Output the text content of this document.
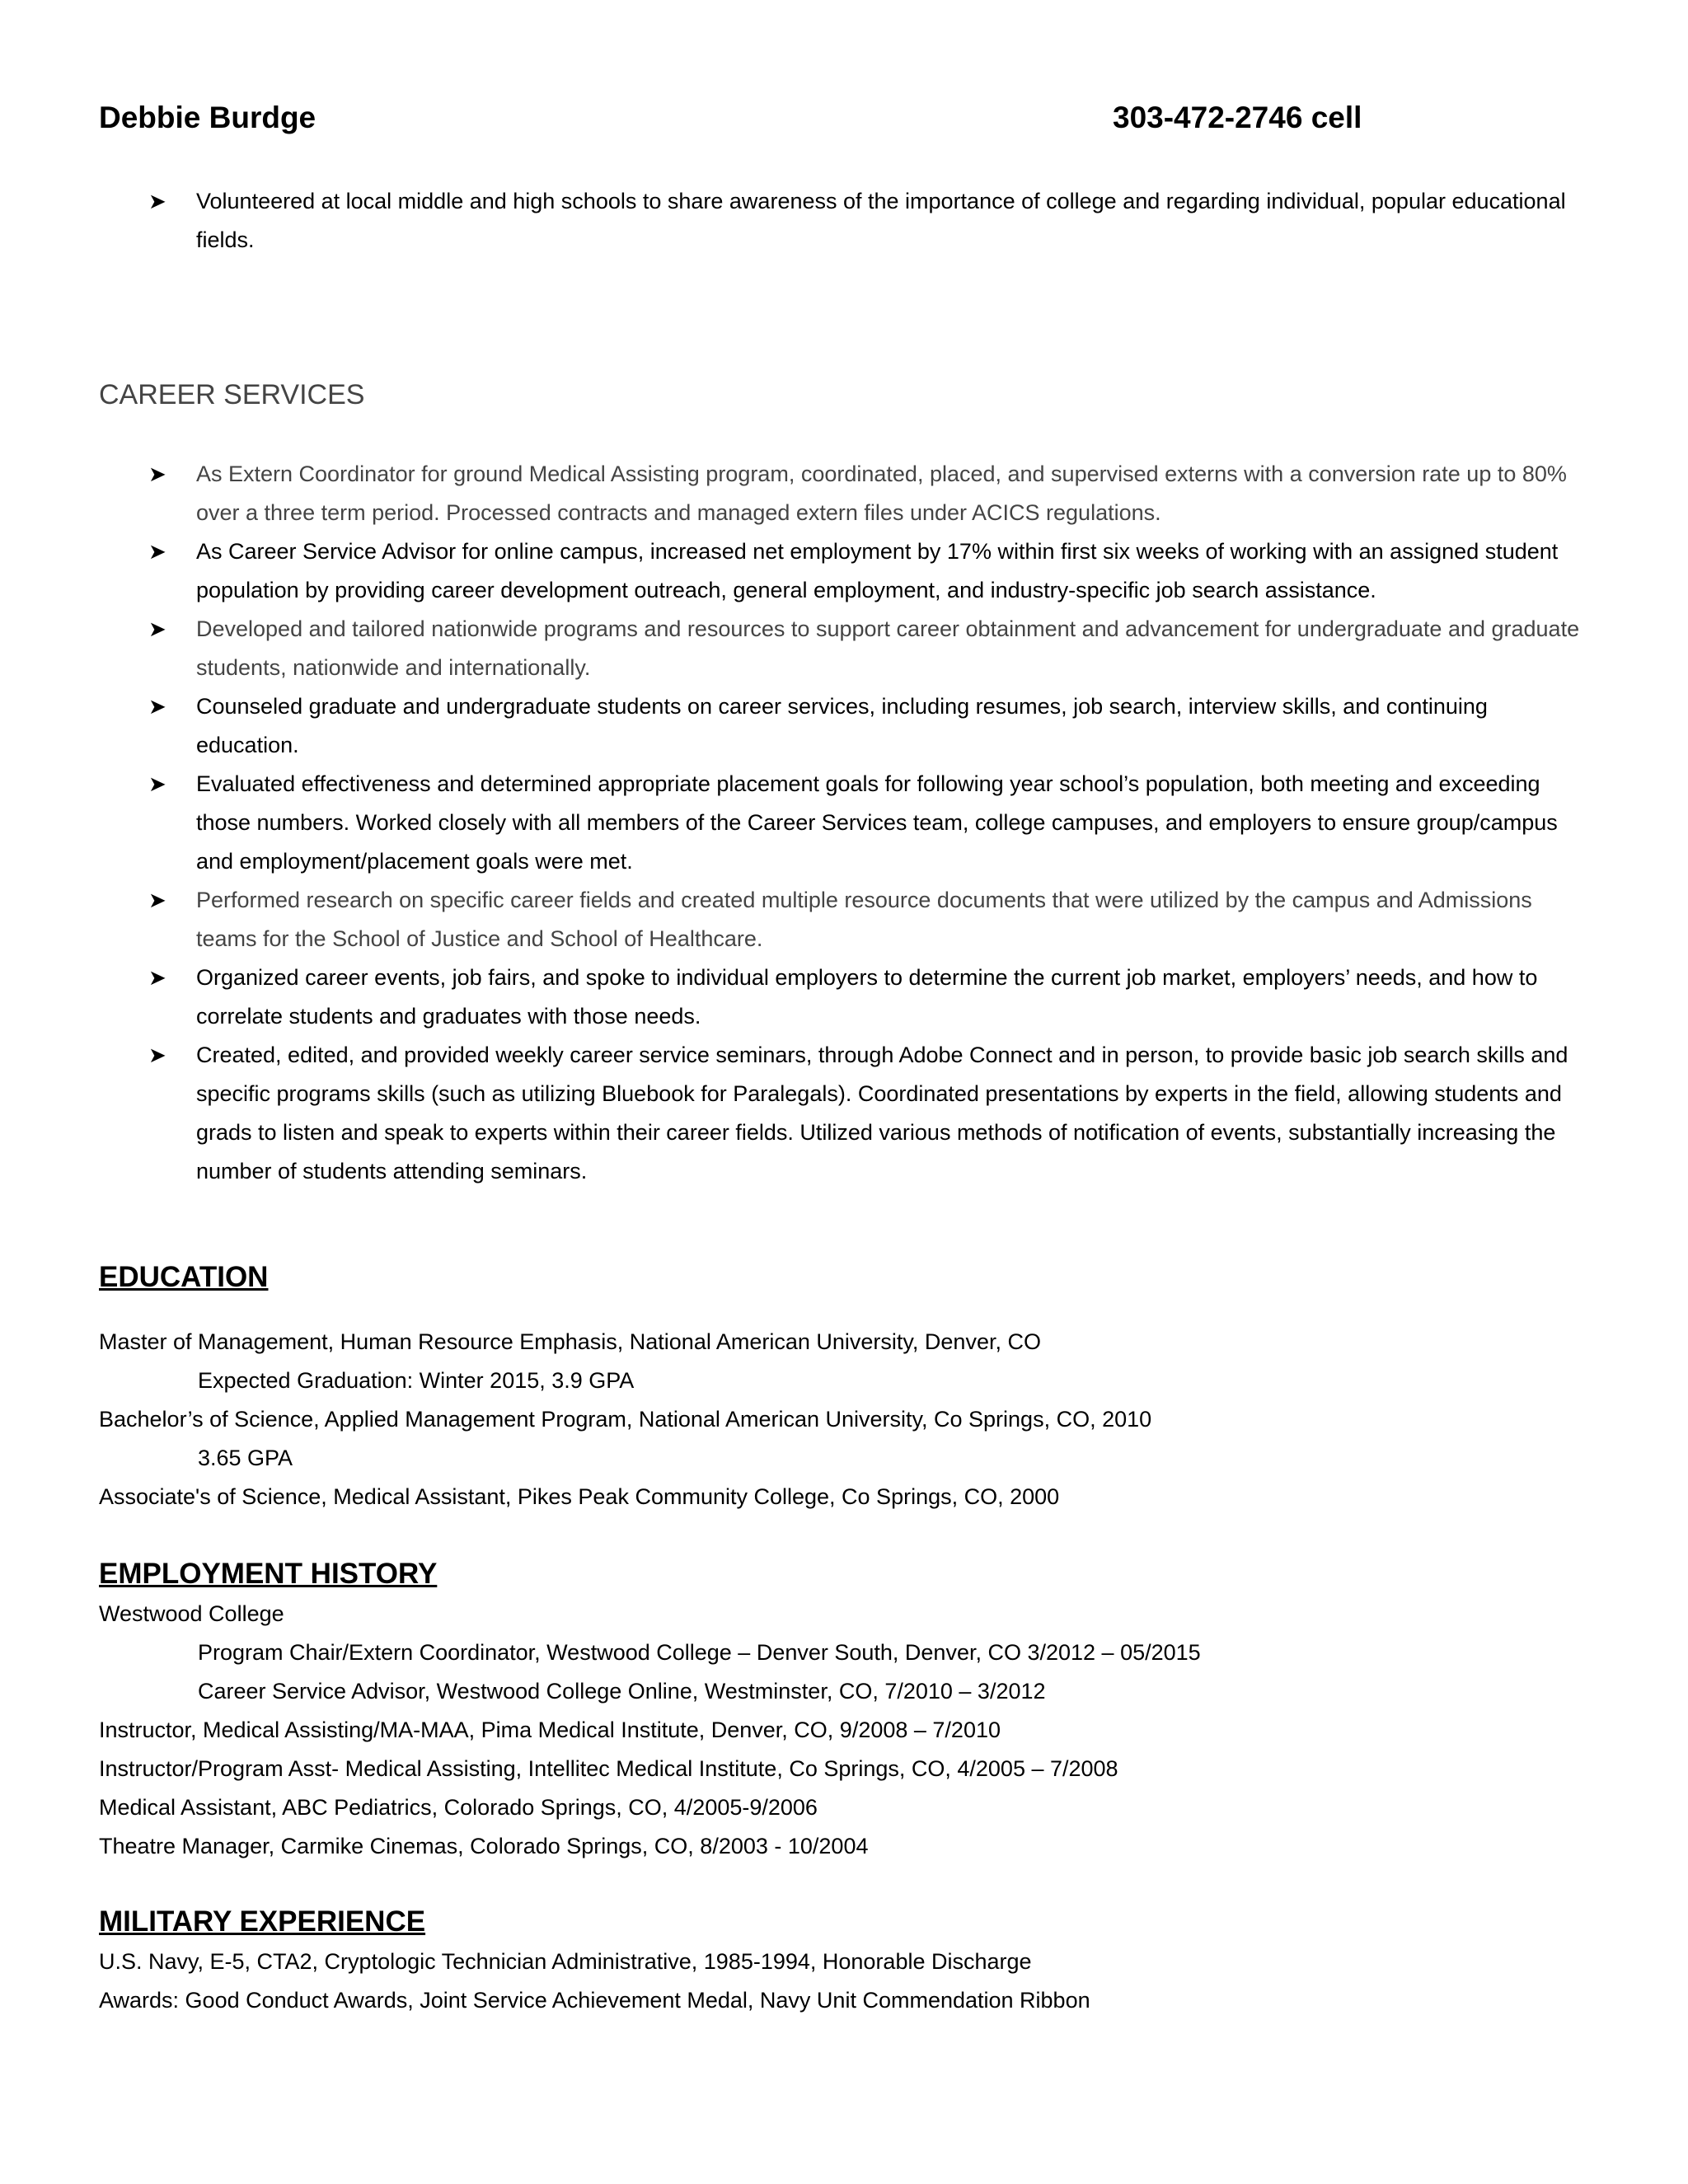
Debbie Burdge	303-472-2746 cell
➤ Volunteered at local middle and high schools to share awareness of the importance of college and regarding individual, popular educational fields.
CAREER SERVICES
➤ As Extern Coordinator for ground Medical Assisting program, coordinated, placed, and supervised externs with a conversion rate up to 80% over a three term period. Processed contracts and managed extern files under ACICS regulations.
➤ As Career Service Advisor for online campus, increased net employment by 17% within first six weeks of working with an assigned student population by providing career development outreach, general employment, and industry-specific job search assistance.
➤ Developed and tailored nationwide programs and resources to support career obtainment and advancement for undergraduate and graduate students, nationwide and internationally.
➤ Counseled graduate and undergraduate students on career services, including resumes, job search, interview skills, and continuing education.
➤ Evaluated effectiveness and determined appropriate placement goals for following year school’s population, both meeting and exceeding those numbers. Worked closely with all members of the Career Services team, college campuses, and employers to ensure group/campus and employment/placement goals were met.
➤ Performed research on specific career fields and created multiple resource documents that were utilized by the campus and Admissions teams for the School of Justice and School of Healthcare.
➤ Organized career events, job fairs, and spoke to individual employers to determine the current job market, employers’ needs, and how to correlate students and graduates with those needs.
➤ Created, edited, and provided weekly career service seminars, through Adobe Connect and in person, to provide basic job search skills and specific programs skills (such as utilizing Bluebook for Paralegals). Coordinated presentations by experts in the field, allowing students and grads to listen and speak to experts within their career fields. Utilized various methods of notification of events, substantially increasing the number of students attending seminars.
EDUCATION
Master of Management, Human Resource Emphasis, National American University, Denver, CO
Expected Graduation: Winter 2015, 3.9 GPA
Bachelor’s of Science, Applied Management Program, National American University, Co Springs, CO, 2010
3.65 GPA
Associate's of Science, Medical Assistant, Pikes Peak Community College, Co Springs, CO, 2000
EMPLOYMENT HISTORY
Westwood College
Program Chair/Extern Coordinator, Westwood College – Denver South, Denver, CO 3/2012 – 05/2015
Career Service Advisor, Westwood College Online, Westminster, CO, 7/2010 – 3/2012
Instructor, Medical Assisting/MA-MAA, Pima Medical Institute, Denver, CO, 9/2008 – 7/2010
Instructor/Program Asst- Medical Assisting, Intellitec Medical Institute, Co Springs, CO, 4/2005 – 7/2008
Medical Assistant, ABC Pediatrics, Colorado Springs, CO, 4/2005-9/2006
Theatre Manager, Carmike Cinemas, Colorado Springs, CO, 8/2003 - 10/2004
MILITARY EXPERIENCE
U.S. Navy, E-5, CTA2, Cryptologic Technician Administrative, 1985-1994, Honorable Discharge
Awards: Good Conduct Awards, Joint Service Achievement Medal, Navy Unit Commendation Ribbon
